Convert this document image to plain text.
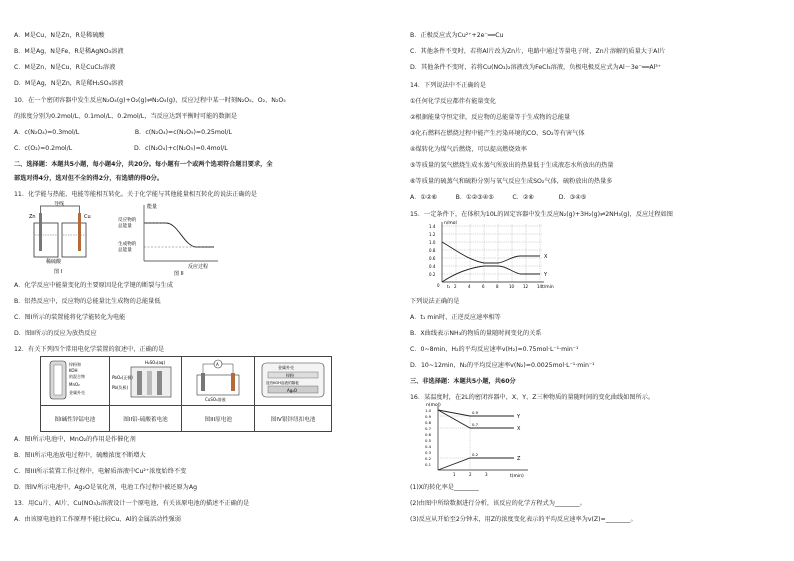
A．M是Cu，N是Zn，R是稀硫酸
B．M是Ag，N是Fe，R是稀AgNO₃溶液
C．M是Zn，N是Cu，R是CuCl₂溶液
D．M是Ag，N是Zn，R是稀H₂SO₄溶液
10．在一个密闭容器中发生反应N₂O₄(g)+O₂(g)⇌N₂O₄(g)，反应过程中某一时刻N₂O₅、O₂、N₂O₅
的浓度分别为0.2mol/L、0.1mol/L、0.2mol/L，当反应达到平衡时可能的数据是
A．c(N₂O₄)=0.3mol/L　　　　　　　　　B．c(N₂O₄)=c(N₂O₅)=0.25mol/L
C．c(O₂)=0.2mol/L　　　　　　　　　　D．c(N₂O₄)+c(N₂O₅)=0.4mol/L
二、选择题：本题共5小题，每小题4分，共20分。每小题有一个或两个选项符合题目要求，全
部选对得4分，选对但不全的得2分，有选错的得0分。
11．化学能与热能、电能等能相互转化。关于化学能与其他能量相互转化的说法正确的是
A．化学反应中能量变化的主要原因是化学键的断裂与生成
B．铝热反应中，反应物的总能量比生成物的总能量低
C．图I所示的装置能将化学能转化为电能
D．图II所示的反应为放热反应
12．有关下列四个常用电化学装置的叙述中，正确的是
A．图I所示电池中，MnO₂的作用是作催化剂
B．图II所示电池放电过程中，硫酸浓度不断增大
C．图III所示装置工作过程中，电解质溶液中Cu²⁺浓度始终不变
D．图IV所示电池中，Ag₂O是氧化剂，电池工作过程中被还原为Ag
13．用Cu片、Al片、Cu(NO₃)₂溶液设计一个原电池，有关该原电池的描述不正确的是
A．由该原电池的工作原理不能比较Cu、Al的金属活动性强弱
B．正极反应式为Cu²⁺+2e⁻══Cu
C．其他条件不变时，若将Al片改为Zn片，电路中通过等量电子时，Zn片溶解的质量大于Al片
D．其他条件不变时，若将Cu(NO₃)₂溶液改为FeCl₃溶液，负极电极反应式为Al－3e⁻══Al³⁺
14．下列说法中不正确的是
①任何化学反应都伴有能量变化
②根据能量守恒定律，反应物的总能量等于生成物的总能量
③化石燃料在燃烧过程中能产生污染环境的CO、SO₂等有害气体
④煤转化为煤气后燃烧，可以提高燃烧效率
⑤等质量的氢气燃烧生成水蒸气所放出的热量低于生成液态水所放出的热量
⑥等质量的硫蒸气和硫粉分别与氧气反应生成SO₂气体，硫粉放出的热量多
A．①②⑥　　　B．①②③④⑤　　　C．②⑥　　　　D．③④⑤
15．一定条件下，在体积为10L的固定容器中发生反应N₂(g)+3H₂(g)⇌2NH₃(g)，反应过程如图
下列说法正确的是
A．t₁ min时，正逆反应速率相等
B．X曲线表示NH₃的物质的量随时间变化的关系
C．0~8min，H₂的平均反应速率v(H₂)=0.75mol·L⁻¹·min⁻¹
D．10~12min，N₂的平均反应速率v(N₂)=0.0025mol·L⁻¹·min⁻¹
三、非选择题：本题共5小题，共60分
16．某温度时，在2L的密闭容器中，X、Y、Z三种物质的量随时间的变化曲线如图所示。
(1)X的转化率是________
(2)由图中所给数据进行分析，该反应的化学方程式为________。
(3)反应从开始至2分钟末，用Z的浓度变化表示的平均反应速率为v(Z)=________。
导线
Zn	Cu
稀硫酸
图 I
能量
反应物的
总能量
生成物的
总能量
反应过程
图 II
锌粉和
KOH
的混合物
MnO₂
金属外壳	H₂SO₄(aq)
PbO₂(正极)
Pb(负极)	A
CuSO₄溶液	金属外壳
锌粉
浸有KOH溶液的隔板
Ag₂O

图I碱性锌锰电池	图II铅-硫酸蓄电池	图III原电池	图IV银锌纽扣电池
n/mol
t/min
X
Y
1.4
1.2
1.0
0.8
0.6
0.4
0.2
0	2	4	6	8	10 12 14
t₁
n(mol)
t(min)
Y
X
Z
1.0
0.9
0.8
0.7
0.6
0.5
0.4
0.3
0.2
0.1
1	2	3
0.9
0.7
0.2
